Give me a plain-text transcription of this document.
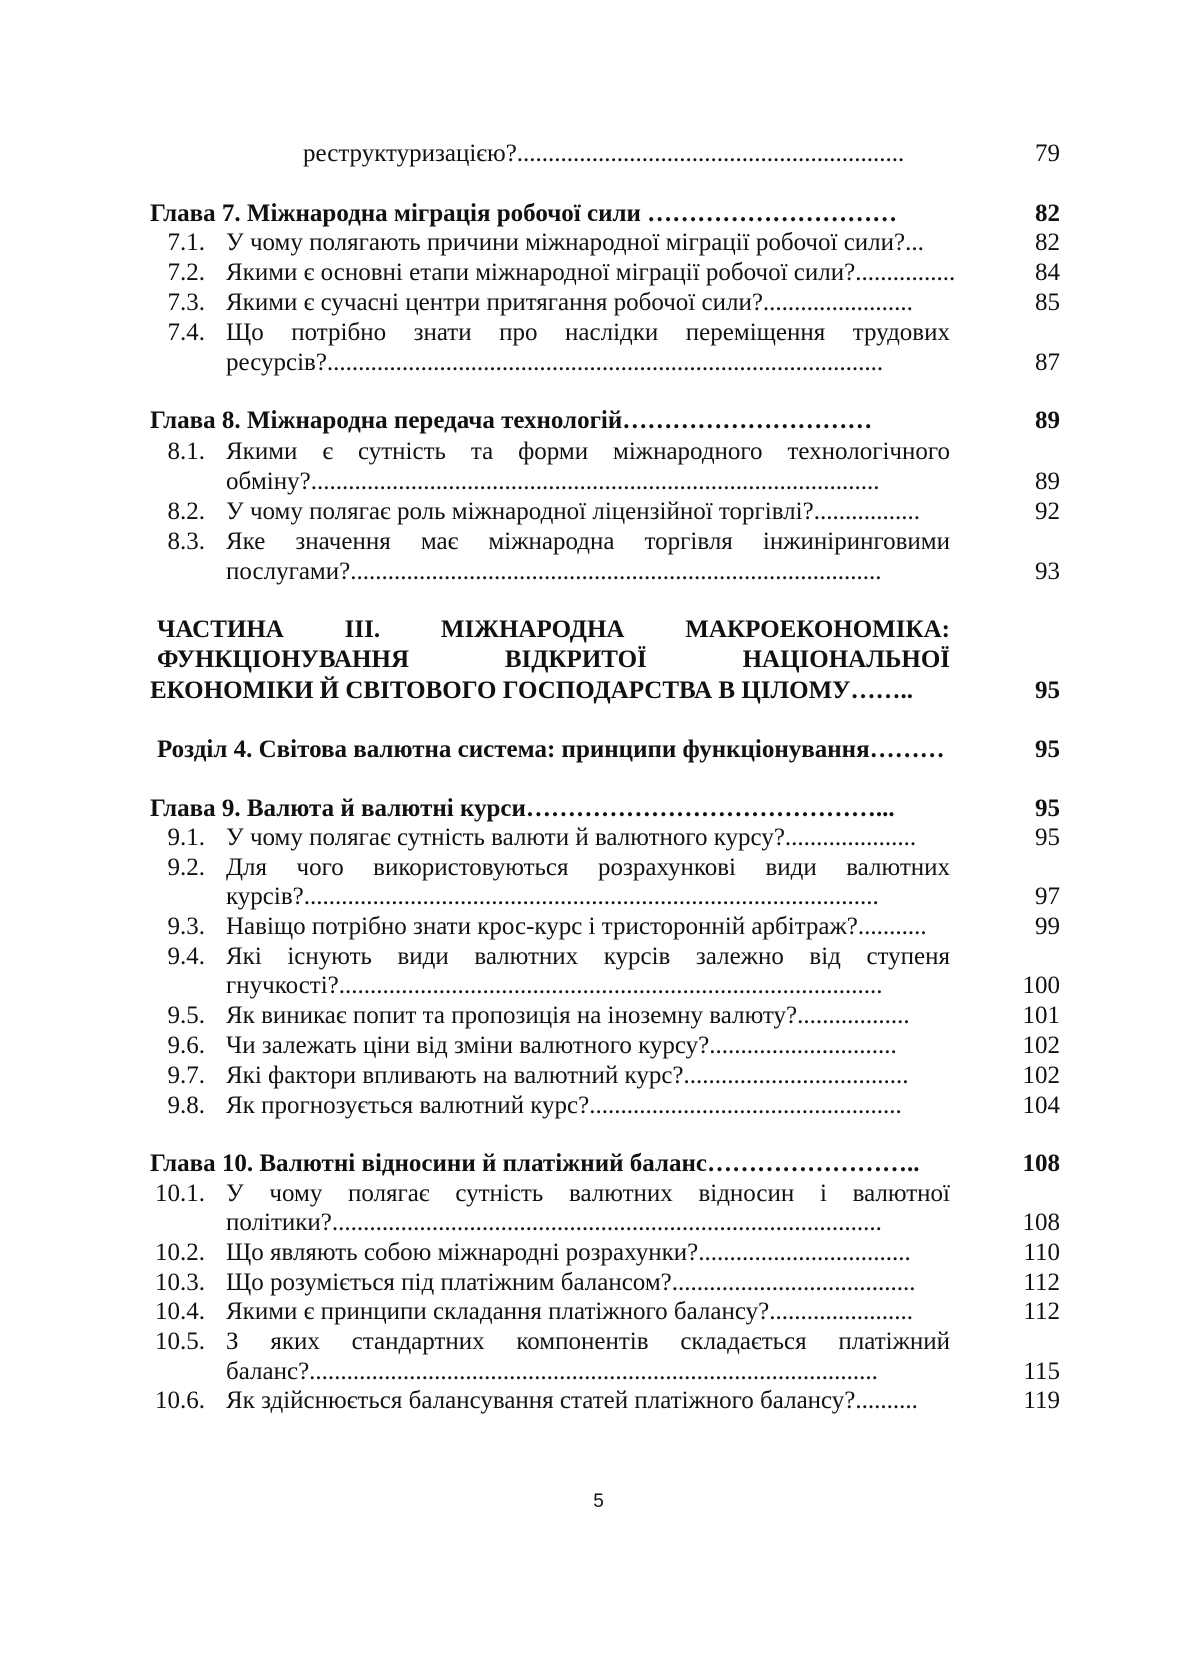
реструктуризацією?..............................................................	79
Глава 7. Міжнародна міграція робочої сили …………………………	82
7.1. У чому полягають причини міжнародної міграції робочої сили?...	82
7.2. Якими є основні етапи міжнародної міграції робочої сили?................	84
7.3. Якими є сучасні центри притягання робочої сили?........................	85
7.4. Що потрібно знати про наслідки переміщення трудових
ресурсів?.........................................................................................	87
Глава 8. Міжнародна передача технологій…………………………	89
8.1. Якими є сутність та форми міжнародного технологічного
обміну?...........................................................................................	89
8.2. У чому полягає роль міжнародної ліцензійної торгівлі?.................	92
8.3. Яке значення має міжнародна торгівля інжиніринговими
послугами?.....................................................................................	93
ЧАСТИНА ІІІ. МІЖНАРОДНА МАКРОЕКОНОМІКА:
ФУНКЦІОНУВАННЯ ВІДКРИТОЇ НАЦІОНАЛЬНОЇ
ЕКОНОМІКИ Й СВІТОВОГО ГОСПОДАРСТВА В ЦІЛОМУ……..	95
Розділ 4. Світова валютна система: принципи функціонування………	95
Глава 9. Валюта й валютні курси……………………………………...	95
9.1. У чому полягає сутність валюти й валютного курсу?.....................	95
9.2. Для чого використовуються розрахункові види валютних
курсів?............................................................................................	97
9.3. Навіщо потрібно знати крос-курс і тристоронній арбітраж?...........	99
9.4. Які існують види валютних курсів залежно від ступеня
гнучкості?.......................................................................................	100
9.5. Як виникає попит та пропозиція на іноземну валюту?..................	101
9.6. Чи залежать ціни від зміни валютного курсу?..............................	102
9.7. Які фактори впливають на валютний курс?....................................	102
9.8. Як прогнозується валютний курс?..................................................	104
Глава 10. Валютні відносини й платіжний баланс……………………..	108
10.1. У чому полягає сутність валютних відносин і валютної
політики?........................................................................................	108
10.2. Що являють собою міжнародні розрахунки?..................................	110
10.3. Що розуміється під платіжним балансом?.......................................	112
10.4. Якими є принципи складання платіжного балансу?.......................	112
10.5. З яких стандартних компонентів складається платіжний
баланс?...........................................................................................	115
10.6. Як здійснюється балансування статей платіжного балансу?..........	119
5
